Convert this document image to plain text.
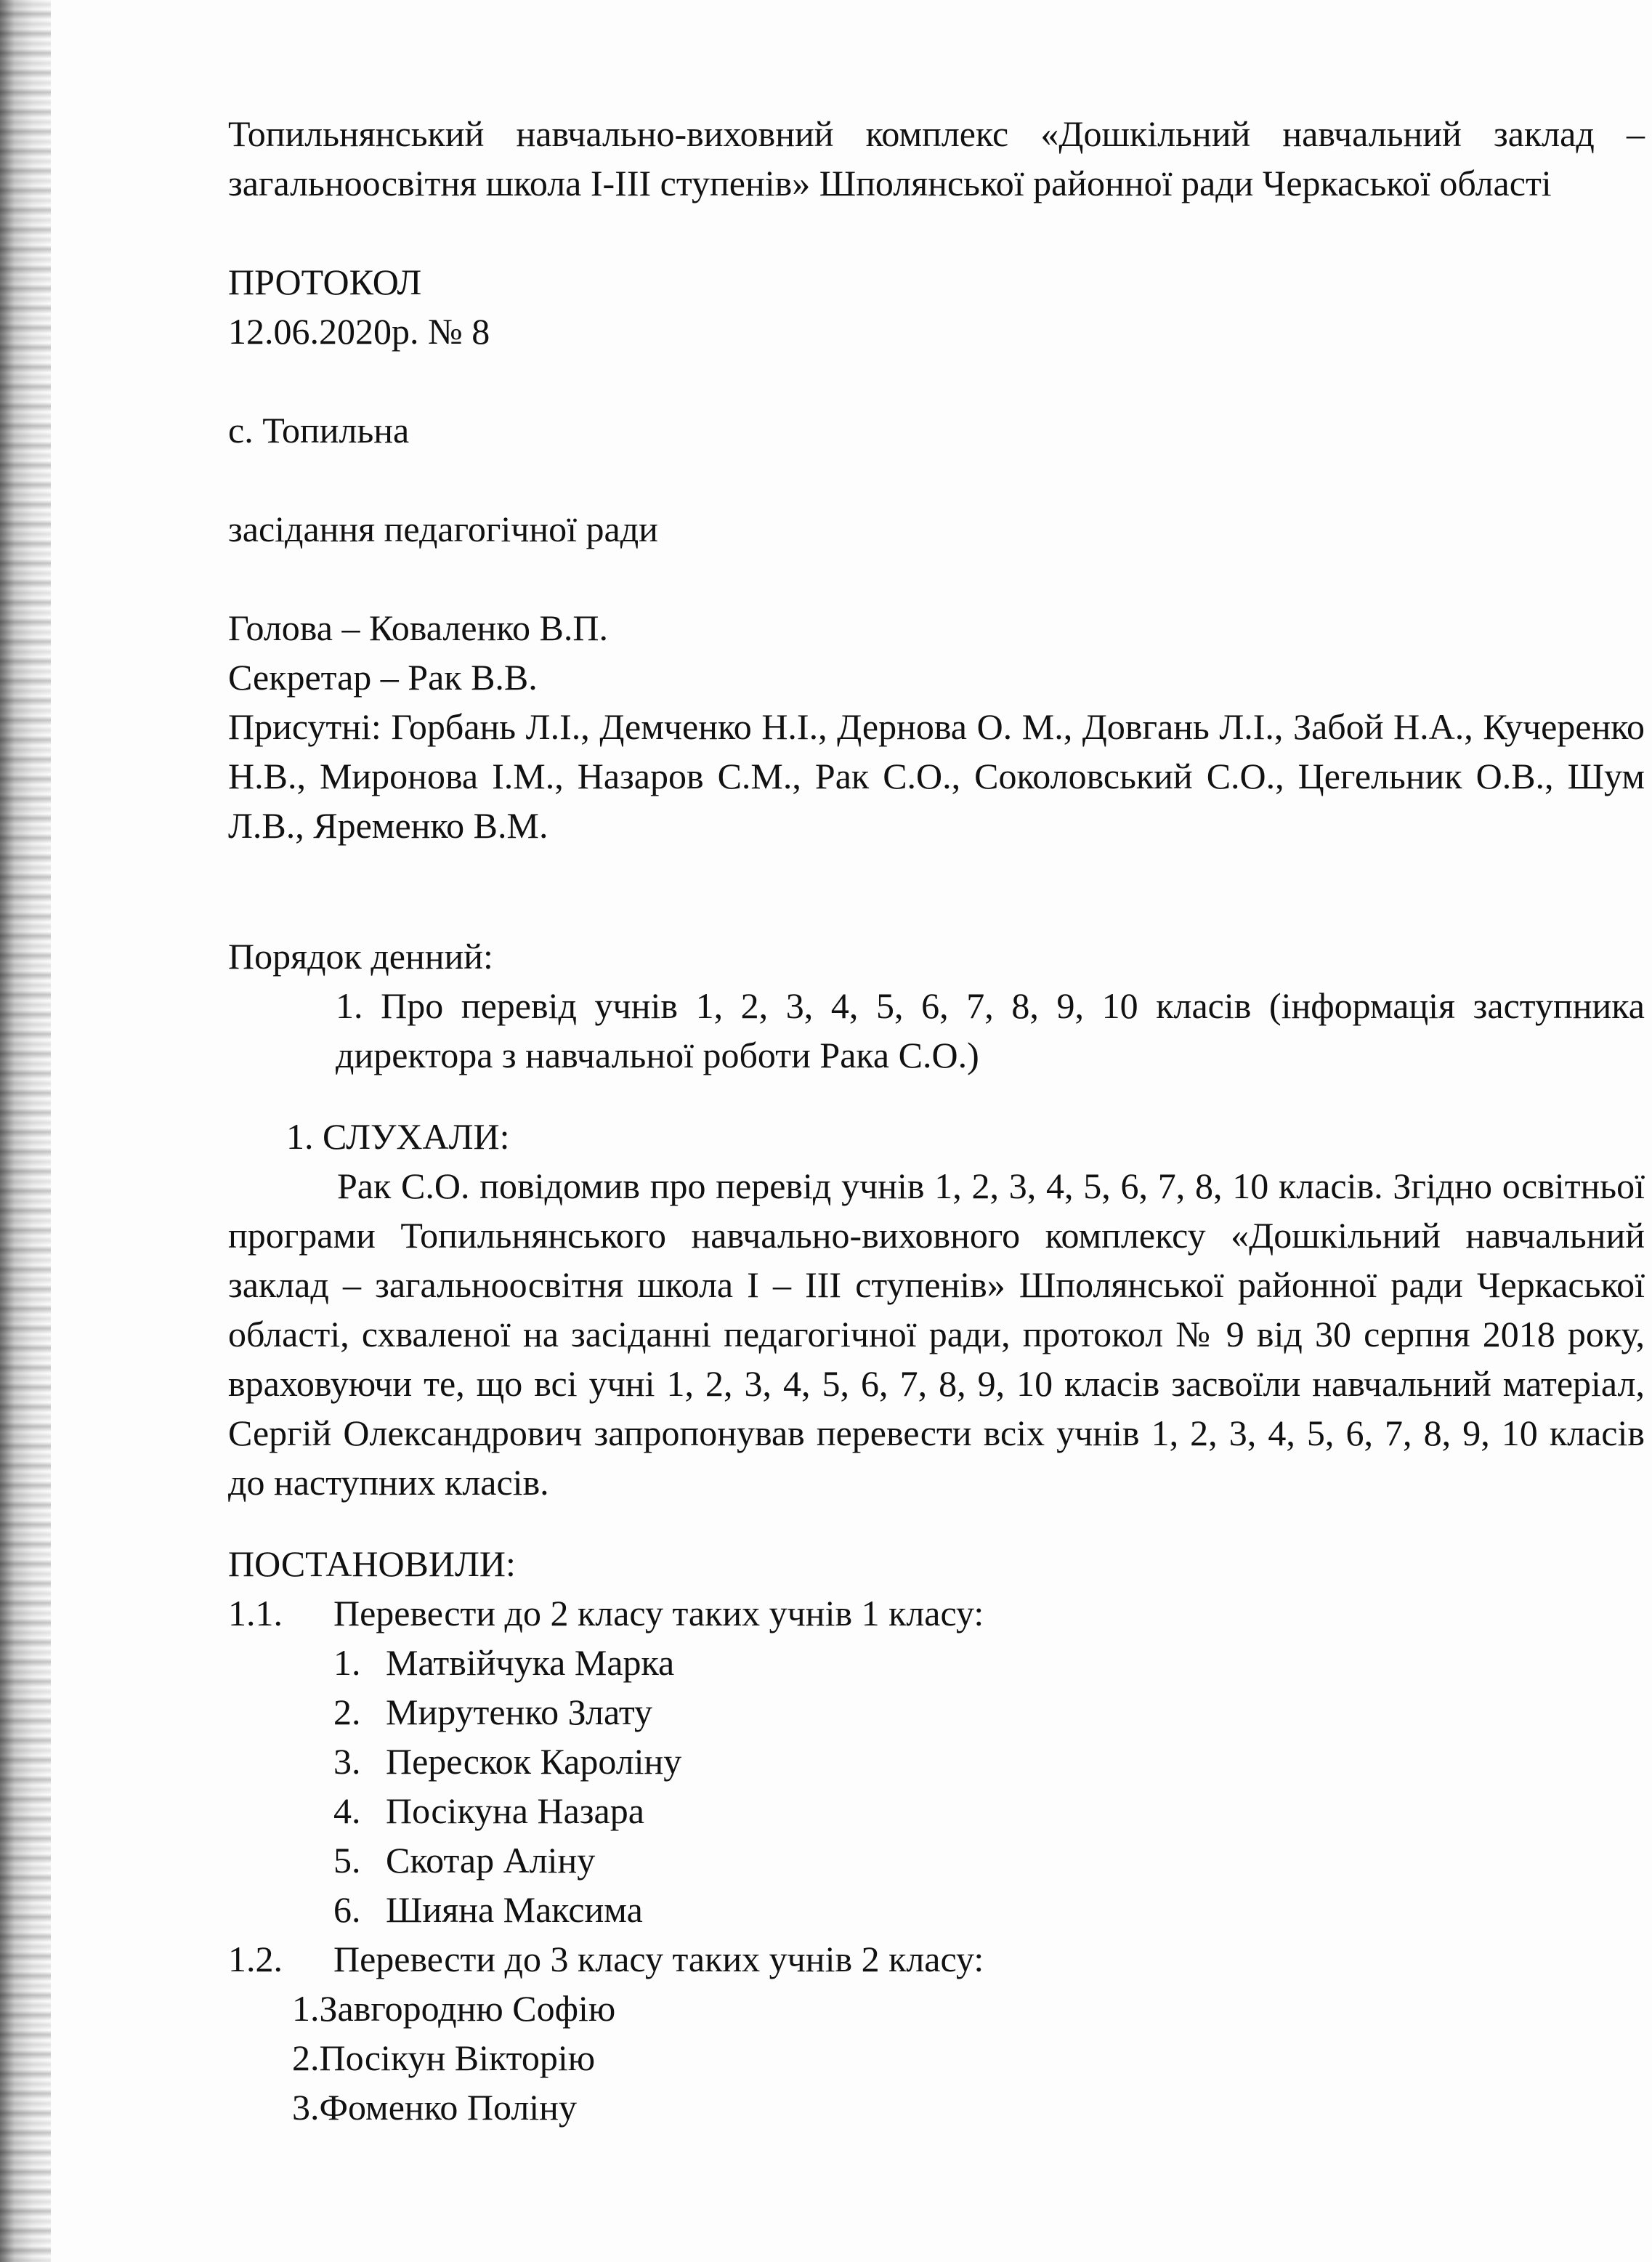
Топильнянський навчально-виховний комплекс «Дошкільний навчальний заклад – загальноосвітня школа І-ІІІ ступенів» Шполянської районної ради Черкаської області

ПРОТОКОЛ
12.06.2020р. № 8
с. Топильна
засідання педагогічної ради
Голова – Коваленко В.П.
Секретар – Рак В.В.

Присутні: Горбань Л.І., Демченко Н.І., Дернова О. М., Довгань Л.І., Забой Н.А., Кучеренко Н.В., Миронова І.М., Назаров С.М., Рак С.О., Соколовський С.О., Цегельник О.В., Шум Л.В., Яременко В.М.

Порядок денний:
1. Про перевід учнів 1, 2, 3, 4, 5, 6, 7, 8, 9, 10 класів (інформація заступника директора з навчальної роботи Рака С.О.)
1. СЛУХАЛИ:

Рак С.О. повідомив про перевід учнів 1, 2, 3, 4, 5, 6, 7, 8, 10 класів. Згідно освітньої програми Топильнянського навчально-виховного комплексу «Дошкільний навчальний заклад – загальноосвітня школа І – ІІІ ступенів» Шполянської районної ради Черкаської області, схваленої на засіданні педагогічної ради, протокол № 9 від 30 серпня 2018 року, враховуючи те, що всі учні 1, 2, 3, 4, 5, 6, 7, 8, 9, 10 класів засвоїли навчальний матеріал, Сергій Олександрович запропонував перевести всіх учнів 1, 2, 3, 4, 5, 6, 7, 8, 9, 10 класів до наступних класів.

ПОСТАНОВИЛИ:
1.1.	Перевести до 2 класу таких учнів 1 класу:
1. Матвійчука Марка
2. Мирутенко Злату
3. Перескок Кароліну
4. Посікуна Назара
5. Скотар Аліну
6. Шияна Максима
1.2.	Перевести до 3 класу таких учнів 2 класу:
1.Завгородню Софію
2.Посікун Вікторію
3.Фоменко Поліну
